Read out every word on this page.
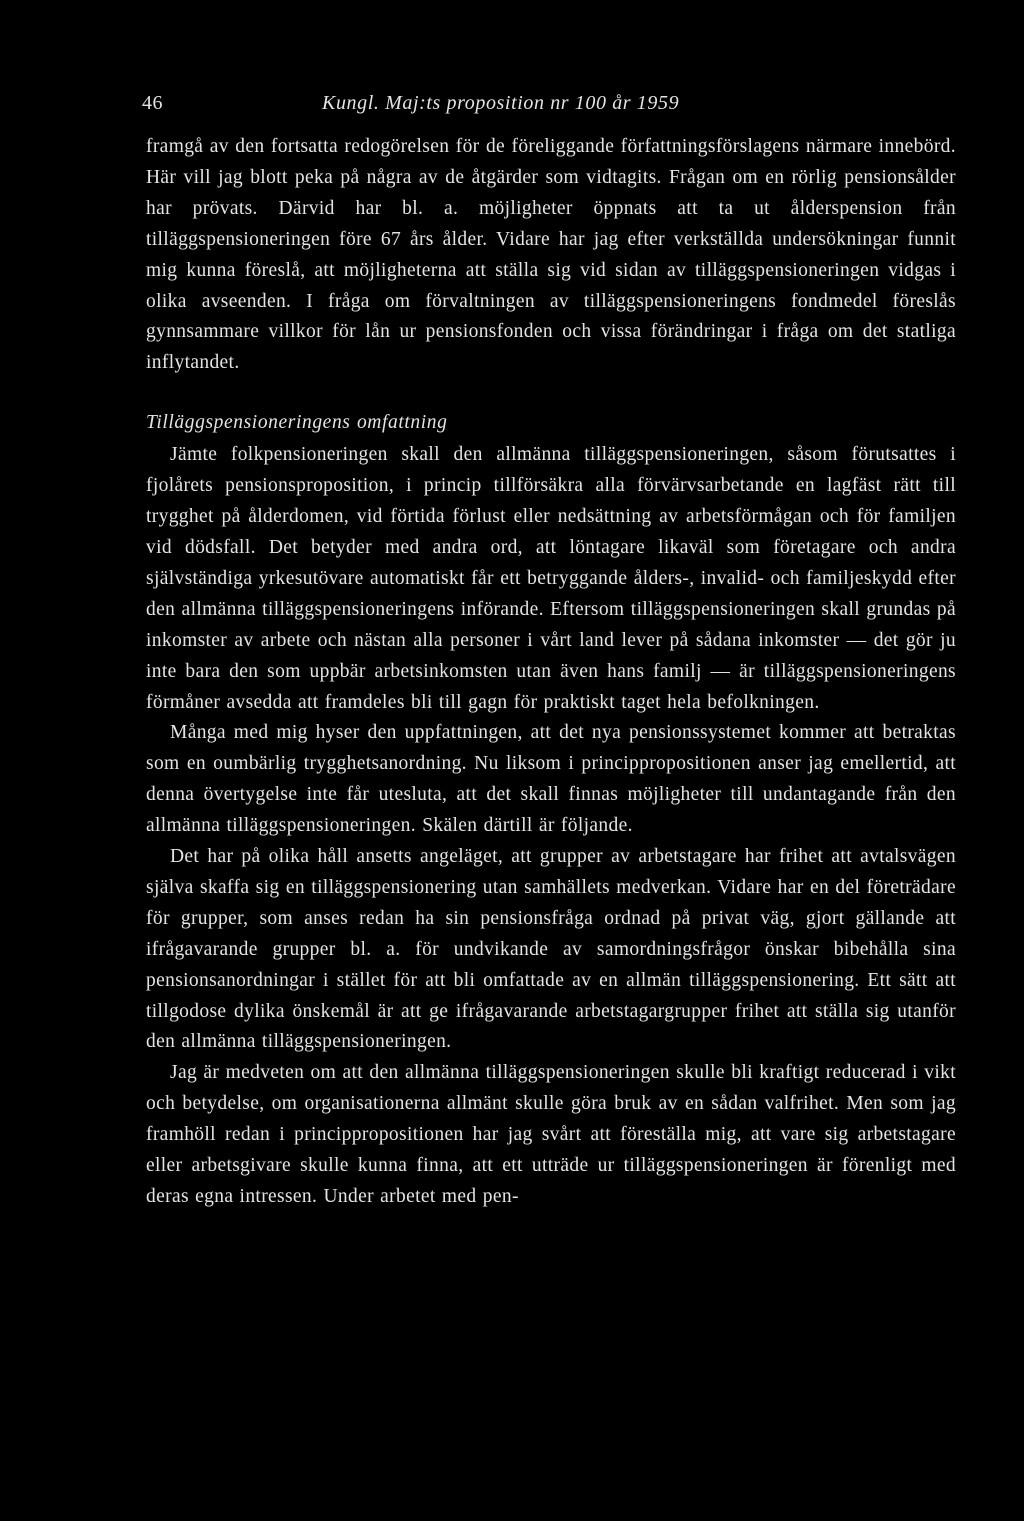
46	Kungl. Maj:ts proposition nr 100 år 1959

framgå av den fortsatta redogörelsen för de föreliggande författningsförslagens närmare innebörd. Här vill jag blott peka på några av de åtgärder som vidtagits. Frågan om en rörlig pensionsålder har prövats. Därvid har bl. a. möjligheter öppnats att ta ut ålderspension från tilläggspensioneringen före 67 års ålder. Vidare har jag efter verkställda undersökningar funnit mig kunna föreslå, att möjligheterna att ställa sig vid sidan av tilläggspensioneringen vidgas i olika avseenden. I fråga om förvaltningen av tilläggspensioneringens fondmedel föreslås gynnsammare villkor för lån ur pensionsfonden och vissa förändringar i fråga om det statliga inflytandet.

Tilläggspensioneringens omfattning

Jämte folkpensioneringen skall den allmänna tilläggspensioneringen, såsom förutsattes i fjolårets pensionsproposition, i princip tillförsäkra alla förvärvsarbetande en lagfäst rätt till trygghet på ålderdomen, vid förtida förlust eller nedsättning av arbetsförmågan och för familjen vid dödsfall. Det betyder med andra ord, att löntagare likaväl som företagare och andra självständiga yrkesutövare automatiskt får ett betryggande ålders-, invalid- och familjeskydd efter den allmänna tilläggspensioneringens införande. Eftersom tilläggspensioneringen skall grundas på inkomster av arbete och nästan alla personer i vårt land lever på sådana inkomster — det gör ju inte bara den som uppbär arbetsinkomsten utan även hans familj — är tilläggspensioneringens förmåner avsedda att framdeles bli till gagn för praktiskt taget hela befolkningen.

Många med mig hyser den uppfattningen, att det nya pensionssystemet kommer att betraktas som en oumbärlig trygghetsanordning. Nu liksom i princippropositionen anser jag emellertid, att denna övertygelse inte får utesluta, att det skall finnas möjligheter till undantagande från den allmänna tilläggspensioneringen. Skälen därtill är följande.

Det har på olika håll ansetts angeläget, att grupper av arbetstagare har frihet att avtalsvägen själva skaffa sig en tilläggspensionering utan samhällets medverkan. Vidare har en del företrädare för grupper, som anses redan ha sin pensionsfråga ordnad på privat väg, gjort gällande att ifrågavarande grupper bl. a. för undvikande av samordningsfrågor önskar bibehålla sina pensionsanordningar i stället för att bli omfattade av en allmän tilläggspensionering. Ett sätt att tillgodose dylika önskemål är att ge ifrågavarande arbetstagargrupper frihet att ställa sig utanför den allmänna tilläggspensioneringen.

Jag är medveten om att den allmänna tilläggspensioneringen skulle bli kraftigt reducerad i vikt och betydelse, om organisationerna allmänt skulle göra bruk av en sådan valfrihet. Men som jag framhöll redan i princippropositionen har jag svårt att föreställa mig, att vare sig arbetstagare eller arbetsgivare skulle kunna finna, att ett utträde ur tilläggspensioneringen är förenligt med deras egna intressen. Under arbetet med pen-
